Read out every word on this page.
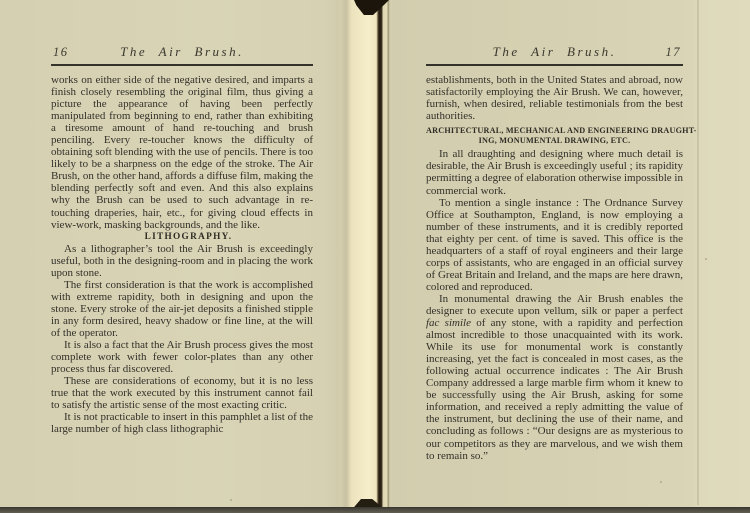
16	The Air Brush.

works on either side of the negative desired, and imparts a finish closely resembling the original film, thus giving a picture the appearance of having been perfectly manipulated from beginning to end, rather than exhibiting a tiresome amount of hand re-touching and brush penciling. Every re-toucher knows the difficulty of obtaining soft blending with the use of pencils. There is too likely to be a sharpness on the edge of the stroke. The Air Brush, on the other hand, affords a diffuse film, making the blending perfectly soft and even. And this also explains why the Brush can be used to such advantage in re-touching draperies, hair, etc., for giving cloud effects in view-work, masking backgrounds, and the like.

LITHOGRAPHY.

As a lithographer’s tool the Air Brush is exceedingly useful, both in the designing-room and in placing the work upon stone.

The first consideration is that the work is accomplished with extreme rapidity, both in designing and upon the stone. Every stroke of the air-jet deposits a finished stipple in any form desired, heavy shadow or fine line, at the will of the operator.

It is also a fact that the Air Brush process gives the most complete work with fewer color-plates than any other process thus far discovered.

These are considerations of economy, but it is no less true that the work executed by this instrument cannot fail to satisfy the artistic sense of the most exacting critic.

It is not practicable to insert in this pamphlet a list of the large number of high class lithographic

The Air Brush.	17

establishments, both in the United States and abroad, now satisfactorily employing the Air Brush. We can, however, furnish, when desired, reliable testimonials from the best authorities.

ARCHITECTURAL, MECHANICAL AND ENGINEERING DRAUGHT-
ING, MONUMENTAL DRAWING, ETC.

In all draughting and designing where much detail is desirable, the Air Brush is exceedingly useful ; its rapidity permitting a degree of elaboration otherwise impossible in commercial work.

To mention a single instance : The Ordnance Survey Office at Southampton, England, is now employing a number of these instruments, and it is credibly reported that eighty per cent. of time is saved. This office is the headquarters of a staff of royal engineers and their large corps of assistants, who are engaged in an official survey of Great Britain and Ireland, and the maps are here drawn, colored and reproduced.

In monumental drawing the Air Brush enables the designer to execute upon vellum, silk or paper a perfect fac simile of any stone, with a rapidity and perfection almost incredible to those unacquainted with its work. While its use for monumental work is constantly increasing, yet the fact is concealed in most cases, as the following actual occurrence indicates : The Air Brush Company addressed a large marble firm whom it knew to be successfully using the Air Brush, asking for some information, and received a reply admitting the value of the instrument, but declining the use of their name, and concluding as follows : “Our designs are as mysterious to our competitors as they are marvelous, and we wish them to remain so.”
